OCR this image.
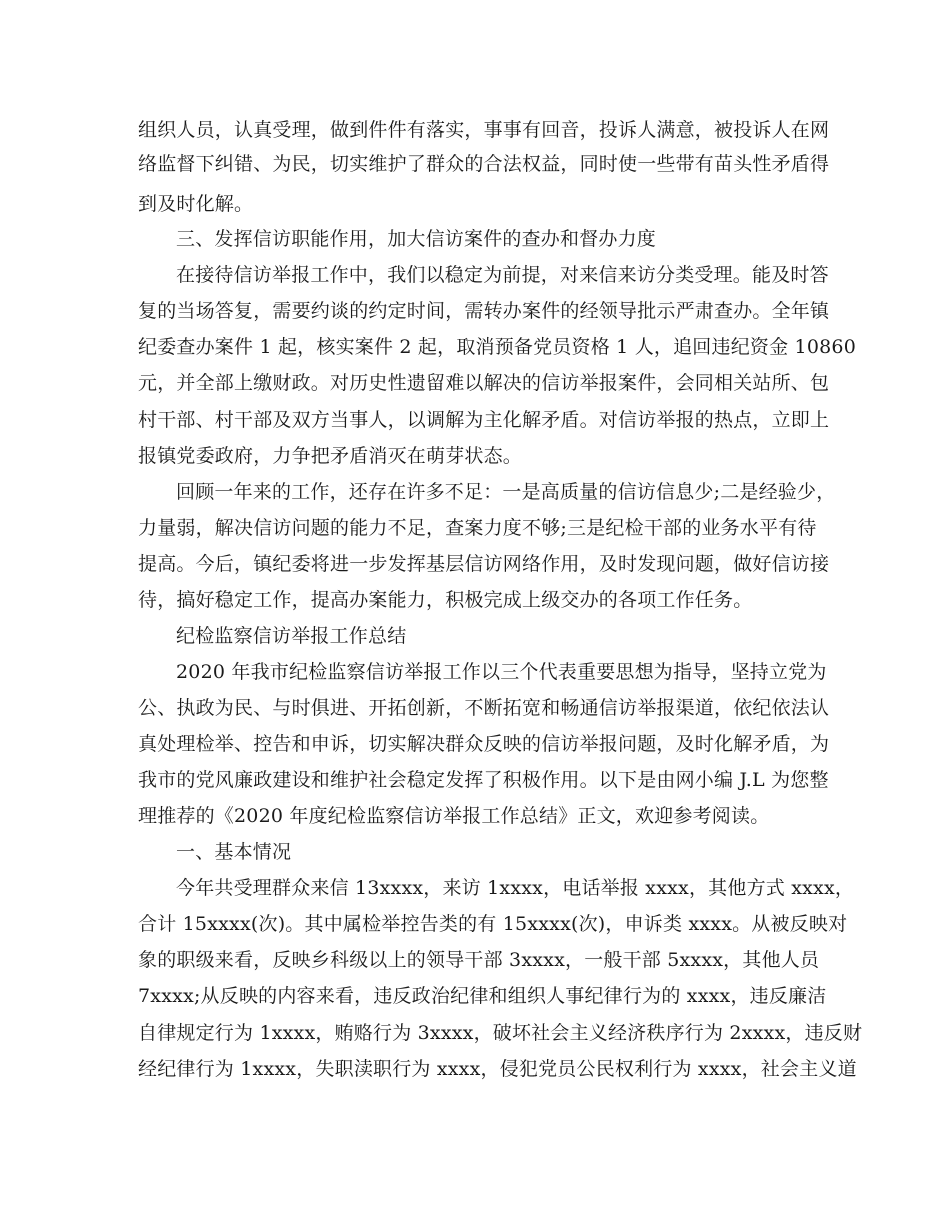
组织人员，认真受理，做到件件有落实，事事有回音，投诉人满意，被投诉人在网
络监督下纠错、为民，切实维护了群众的合法权益，同时使一些带有苗头性矛盾得
到及时化解。
三、发挥信访职能作用，加大信访案件的查办和督办力度
在接待信访举报工作中，我们以稳定为前提，对来信来访分类受理。能及时答
复的当场答复，需要约谈的约定时间，需转办案件的经领导批示严肃查办。全年镇
纪委查办案件 1 起，核实案件 2 起，取消预备党员资格 1 人，追回违纪资金 10860
元，并全部上缴财政。对历史性遗留难以解决的信访举报案件，会同相关站所、包
村干部、村干部及双方当事人，以调解为主化解矛盾。对信访举报的热点，立即上
报镇党委政府，力争把矛盾消灭在萌芽状态。
回顾一年来的工作，还存在许多不足：一是高质量的信访信息少;二是经验少，
力量弱，解决信访问题的能力不足，查案力度不够;三是纪检干部的业务水平有待
提高。今后，镇纪委将进一步发挥基层信访网络作用，及时发现问题，做好信访接
待，搞好稳定工作，提高办案能力，积极完成上级交办的各项工作任务。
纪检监察信访举报工作总结
2020 年我市纪检监察信访举报工作以三个代表重要思想为指导，坚持立党为
公、执政为民、与时俱进、开拓创新，不断拓宽和畅通信访举报渠道，依纪依法认
真处理检举、控告和申诉，切实解决群众反映的信访举报问题，及时化解矛盾，为
我市的党风廉政建设和维护社会稳定发挥了积极作用。以下是由网小编 J.L 为您整
理推荐的《2020 年度纪检监察信访举报工作总结》正文，欢迎参考阅读。
一、基本情况
今年共受理群众来信 13xxxx，来访 1xxxx，电话举报 xxxx，其他方式 xxxx，
合计 15xxxx(次)。其中属检举控告类的有 15xxxx(次)，申诉类 xxxx。从被反映对
象的职级来看，反映乡科级以上的领导干部 3xxxx，一般干部 5xxxx，其他人员
7xxxx;从反映的内容来看，违反政治纪律和组织人事纪律行为的 xxxx，违反廉洁
自律规定行为 1xxxx，贿赂行为 3xxxx，破坏社会主义经济秩序行为 2xxxx，违反财
经纪律行为 1xxxx，失职渎职行为 xxxx，侵犯党员公民权利行为 xxxx，社会主义道
